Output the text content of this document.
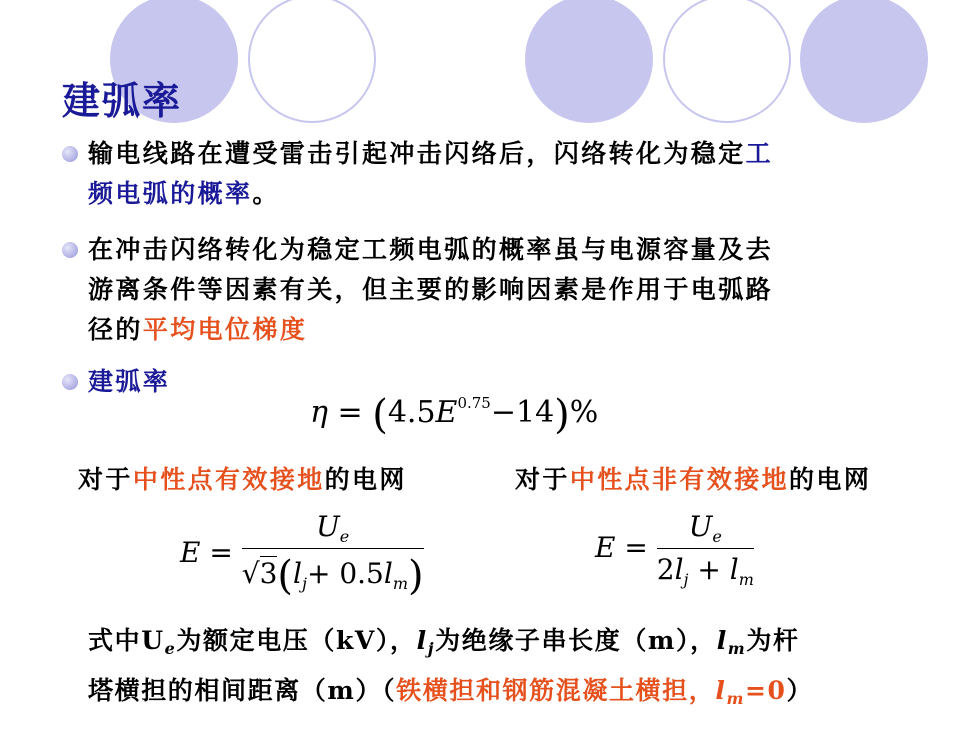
建弧率
输电线路在遭受雷击引起冲击闪络后，闪络转化为稳定工
频电弧的概率。
在冲击闪络转化为稳定工频电弧的概率虽与电源容量及去
游离条件等因素有关，但主要的影响因素是作用于电弧路
径的平均电位梯度
建弧率
$\eta = (4.5E^{0.75}-14)\%$
对于中性点有效接地的电网	对于中性点非有效接地的电网
$E = \frac{U_e}{√3(l_j+ 0.5l_m)}$	$E = \frac{U_e}{2l_j + l_m}$
式中$U_e$为额定电压（kV），$l_j$为绝缘子串长度（m），$l_m$为杆
塔横担的相间距离（m）（铁横担和钢筋混凝土横担，$l_m=0$）
